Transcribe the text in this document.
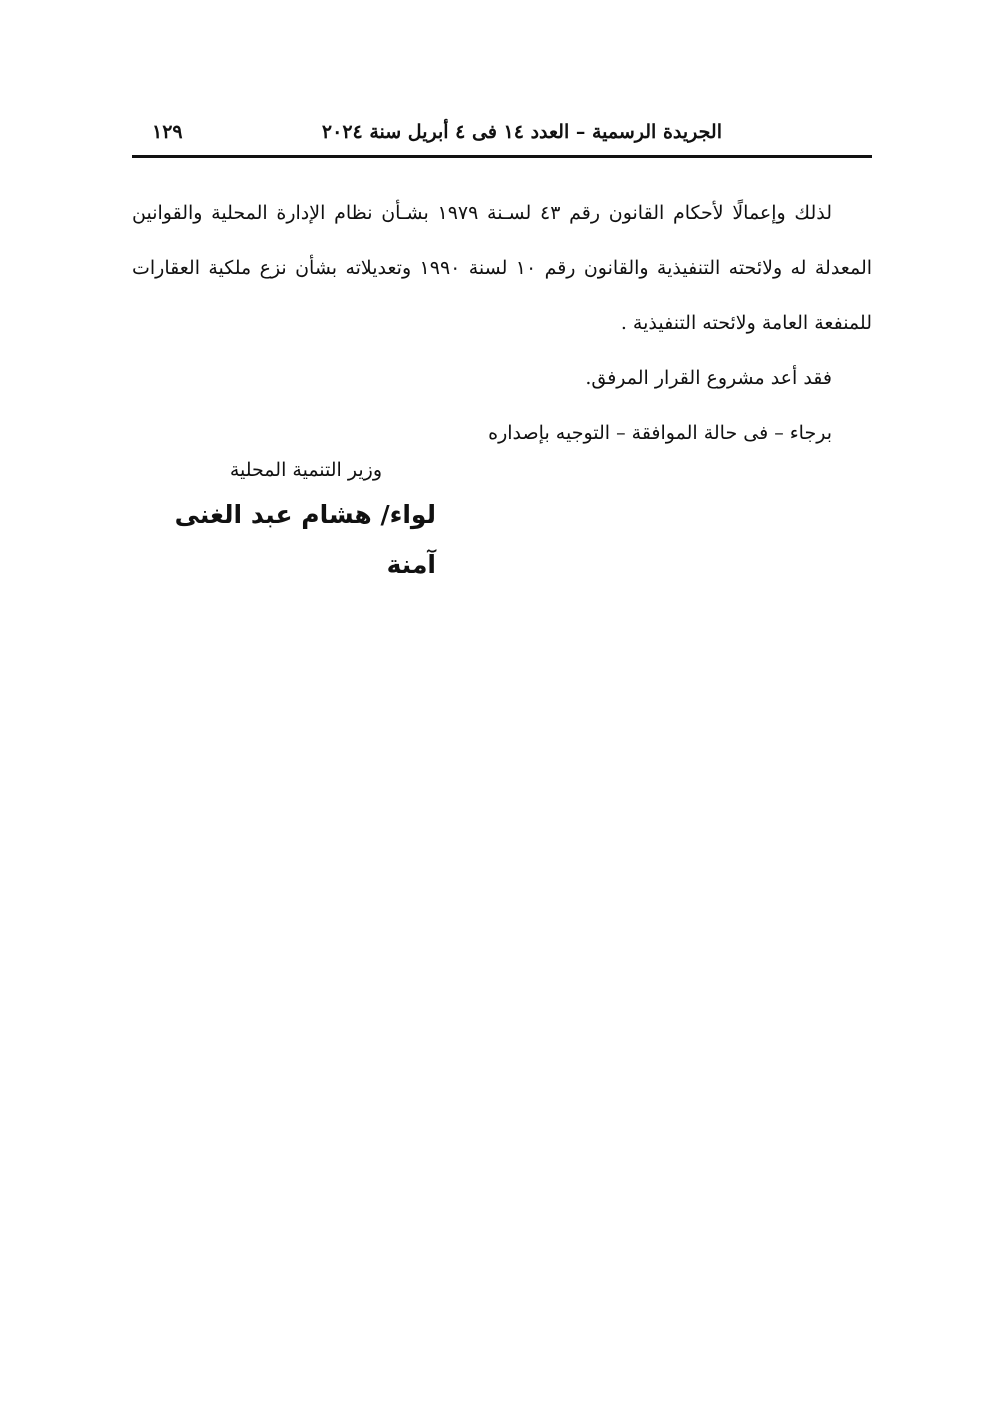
الجريدة الرسمية – العدد ١٤ فى ٤ أبريل سنة ٢٠٢٤
١٢٩

لذلك وإعمالًا لأحكام القانون رقم ٤٣ لسـنة ١٩٧٩ بشـأن نظام الإدارة المحلية والقوانين المعدلة له ولائحته التنفيذية والقانون رقم ١٠ لسنة ١٩٩٠ وتعديلاته بشأن نزع ملكية العقارات للمنفعة العامة ولائحته التنفيذية .

فقد أعد مشروع القرار المرفق.
برجاء – فى حالة الموافقة – التوجيه بإصداره
وزير التنمية المحلية
لواء/ هشام عبد الغنى آمنة
